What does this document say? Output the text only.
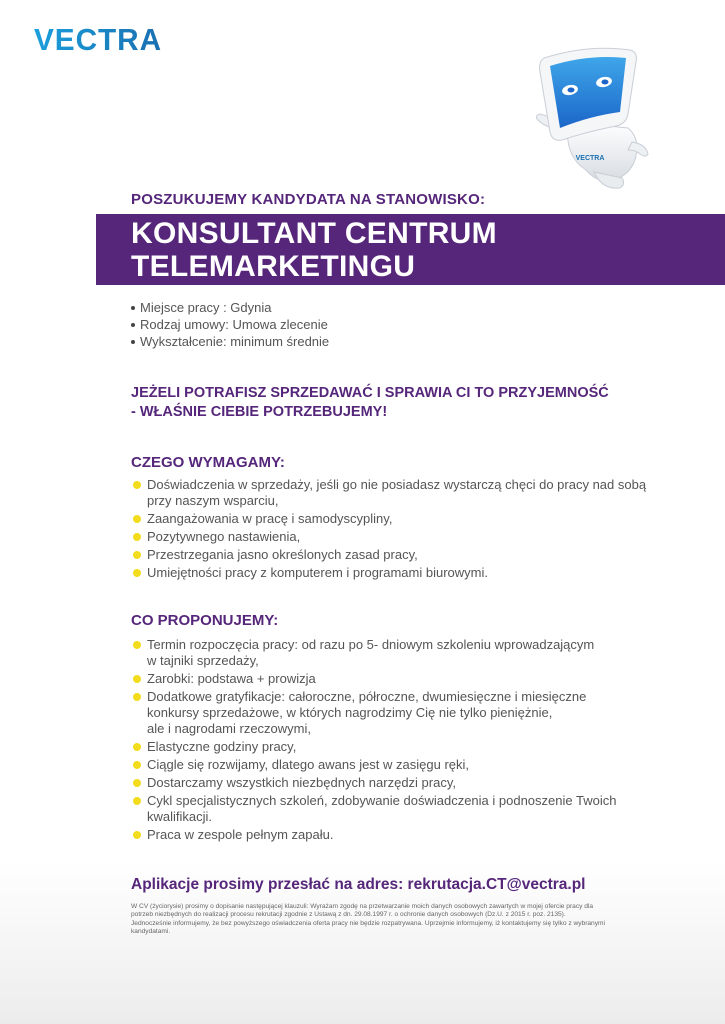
VECTRA
VECTRA
POSZUKUJEMY KANDYDATA NA STANOWISKO:
KONSULTANT CENTRUM
TELEMARKETINGU
Miejsce pracy : Gdynia
Rodzaj umowy: Umowa zlecenie
Wykształcenie: minimum średnie
JEŻELI POTRAFISZ SPRZEDAWAĆ I SPRAWIA CI TO PRZYJEMNOŚĆ
- WŁAŚNIE CIEBIE POTRZEBUJEMY!
CZEGO WYMAGAMY:
Doświadczenia w sprzedaży, jeśli go nie posiadasz wystarczą chęci do pracy nad sobą
przy naszym wsparciu,
Zaangażowania w pracę i samodyscypliny,
Pozytywnego nastawienia,
Przestrzegania jasno określonych zasad pracy,
Umiejętności pracy z komputerem i programami biurowymi.
CO PROPONUJEMY:
Termin rozpoczęcia pracy: od razu po 5- dniowym szkoleniu wprowadzającym
w tajniki sprzedaży,
Zarobki: podstawa + prowizja
Dodatkowe gratyfikacje: całoroczne, półroczne, dwumiesięczne i miesięczne
konkursy sprzedażowe, w których nagrodzimy Cię nie tylko pieniężnie,
ale i nagrodami rzeczowymi,
Elastyczne godziny pracy,
Ciągle się rozwijamy, dlatego awans jest w zasięgu ręki,
Dostarczamy wszystkich niezbędnych narzędzi pracy,
Cykl specjalistycznych szkoleń, zdobywanie doświadczenia i podnoszenie Twoich
kwalifikacji.
Praca w zespole pełnym zapału.
Aplikacje prosimy przesłać na adres: rekrutacja.CT@vectra.pl
W CV (życiorysie) prosimy o dopisanie następującej klauzuli: Wyrażam zgodę na przetwarzanie moich danych osobowych zawartych w mojej ofercie pracy dla
potrzeb niezbędnych do realizacji procesu rekrutacji zgodnie z Ustawą z dn. 29.08.1997 r. o ochronie danych osobowych (Dz.U. z 2015 r. poz. 2135).
Jednocześnie informujemy, że bez powyższego oświadczenia oferta pracy nie będzie rozpatrywana. Uprzejmie informujemy, iż kontaktujemy się tylko z wybranymi
kandydatami.
